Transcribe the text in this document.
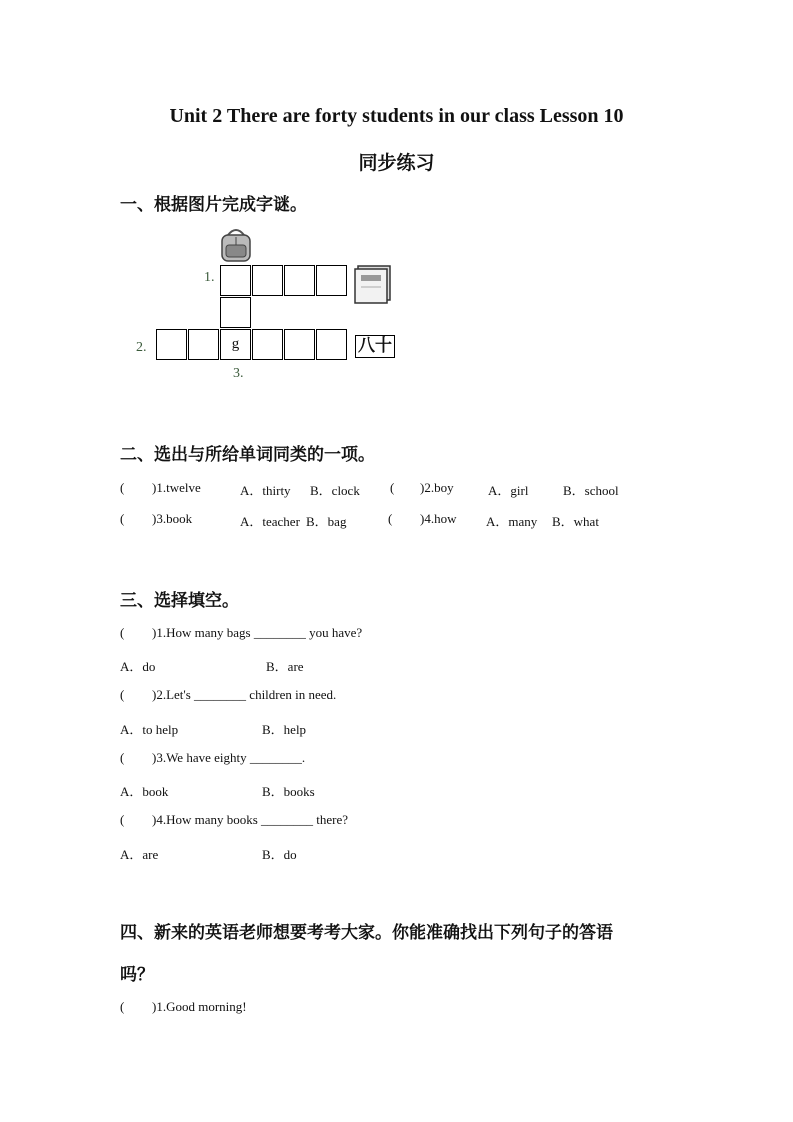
Unit 2 There are forty students in our class Lesson 10
同步练习
一、根据图片完成字谜。
1.
2.
3.
g	八十
二、选出与所给单词同类的一项。
( )1.twelve	A．thirty B．clock ( )2.boy	A．girl	B．school
( )3.book	A．teacher B．bag	( )4.how A．many B．what
三、选择填空。
( )1.How many bags ________ you have?
A．do	B．are
( )2.Let's ________ children in need.
A．to help	B．help
( )3.We have eighty ________.
A．book	B．books
( )4.How many books ________ there?
A．are	B．do
四、新来的英语老师想要考考大家。你能准确找出下列句子的答语
吗？
( )1.Good morning!
